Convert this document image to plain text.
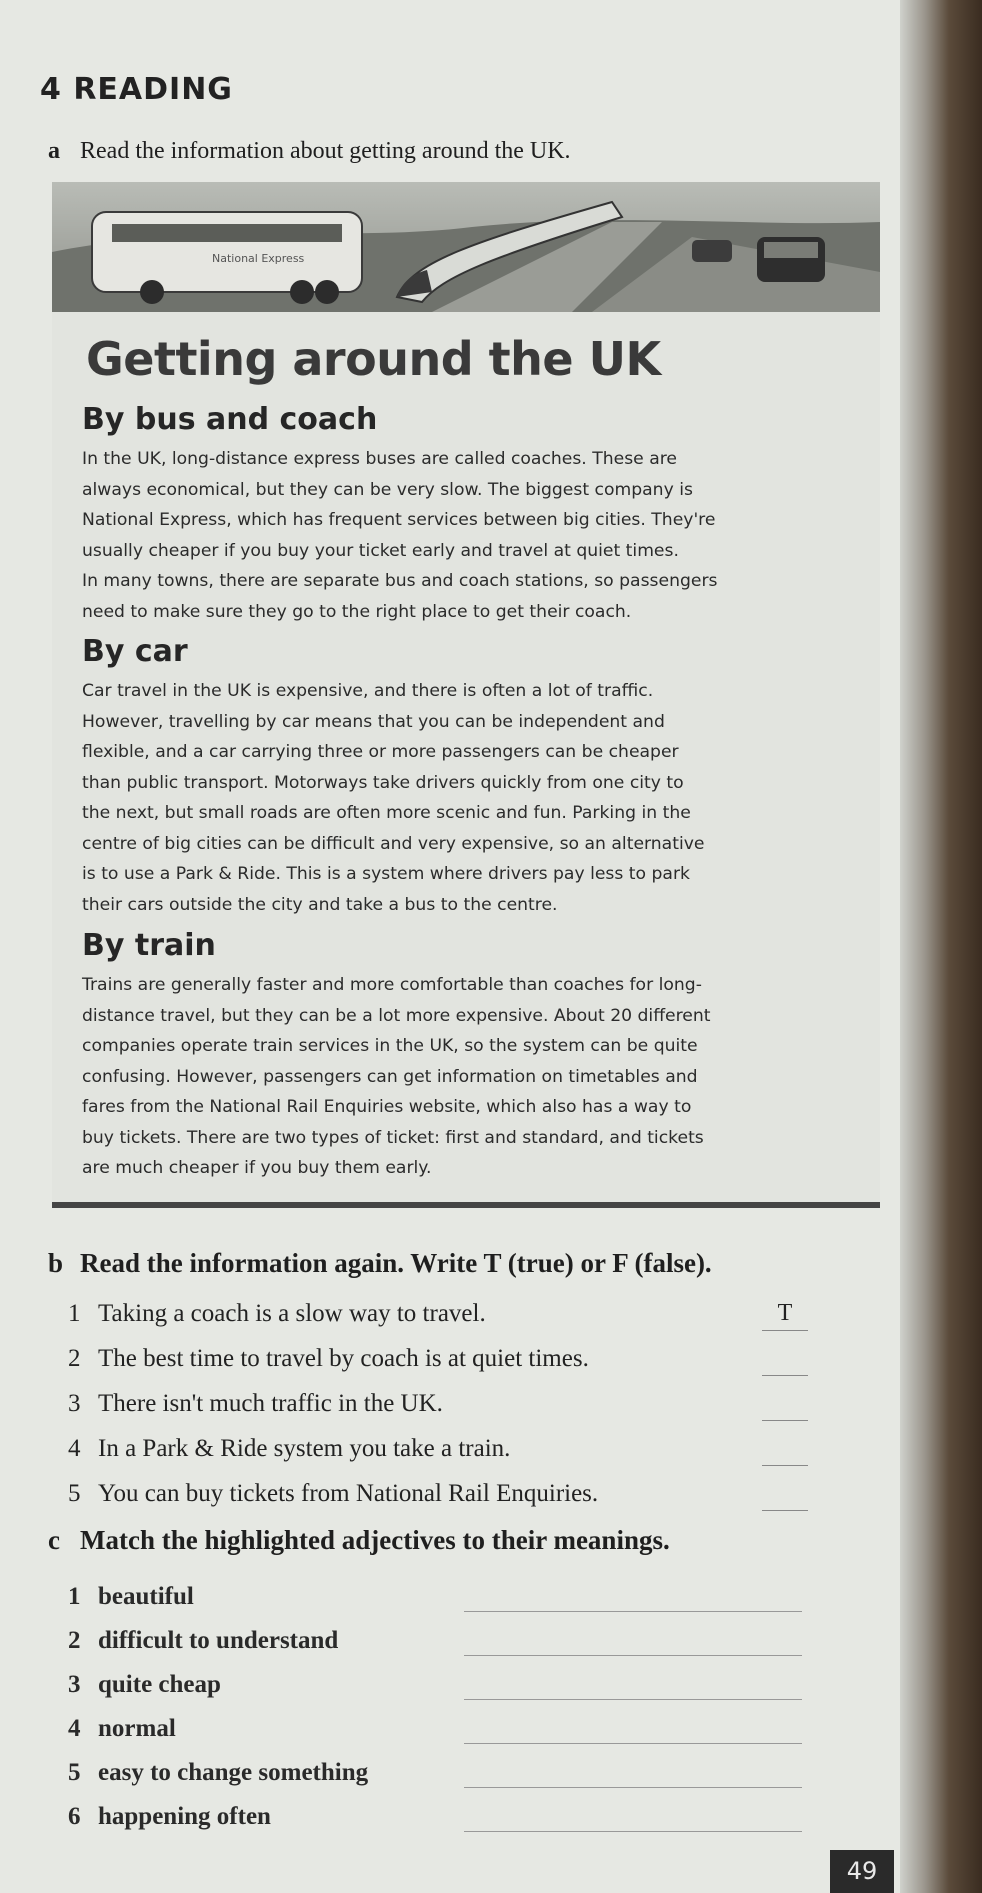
4 READING
a Read the information about getting around the UK.
National Express
Getting around the UK
By bus and coach

In the UK, long-distance express buses are called coaches. These are

always economical, but they can be very slow. The biggest company is

National Express, which has frequent services between big cities. They're

usually cheaper if you buy your ticket early and travel at quiet times.

In many towns, there are separate bus and coach stations, so passengers

need to make sure they go to the right place to get their coach.

By car

Car travel in the UK is expensive, and there is often a lot of traffic.

However, travelling by car means that you can be independent and

flexible, and a car carrying three or more passengers can be cheaper

than public transport. Motorways take drivers quickly from one city to

the next, but small roads are often more scenic and fun. Parking in the

centre of big cities can be difficult and very expensive, so an alternative

is to use a Park & Ride. This is a system where drivers pay less to park

their cars outside the city and take a bus to the centre.

By train

Trains are generally faster and more comfortable than coaches for long-

distance travel, but they can be a lot more expensive. About 20 different

companies operate train services in the UK, so the system can be quite

confusing. However, passengers can get information on timetables and

fares from the National Rail Enquiries website, which also has a way to

buy tickets. There are two types of ticket: first and standard, and tickets

are much cheaper if you buy them early.

b Read the information again. Write T (true) or F (false).
1 Taking a coach is a slow way to travel.	T
2 The best time to travel by coach is at quiet times.
3 There isn't much traffic in the UK.
4 In a Park & Ride system you take a train.
5 You can buy tickets from National Rail Enquiries.
c Match the highlighted adjectives to their meanings.
1 beautiful
2 difficult to understand
3 quite cheap
4 normal
5 easy to change something
6 happening often
49
